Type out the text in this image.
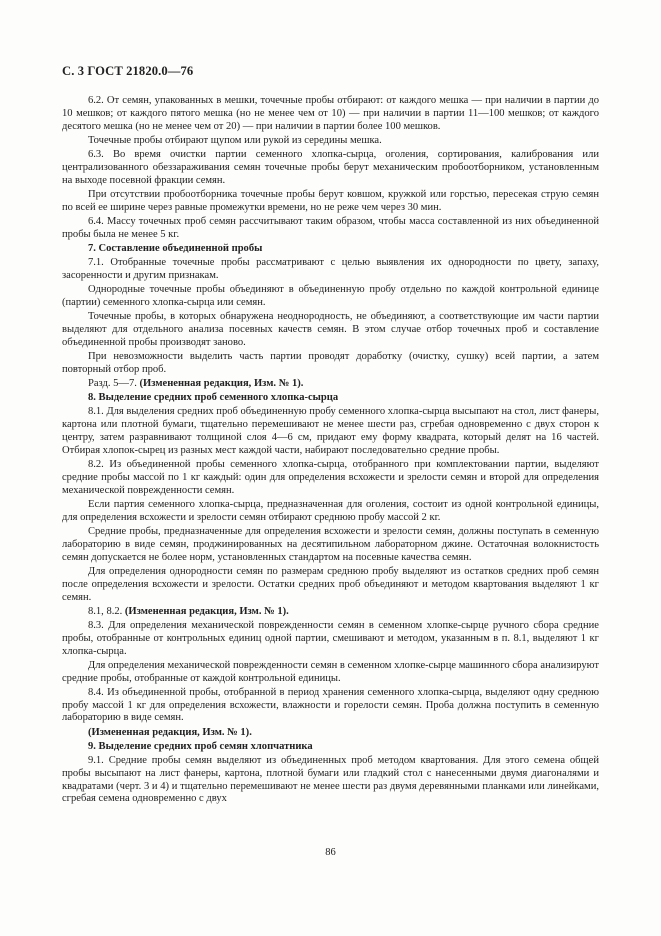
С. 3 ГОСТ 21820.0—76

6.2. От семян, упакованных в мешки, точечные пробы отбирают: от каждого мешка — при наличии в партии до 10 мешков; от каждого пятого мешка (но не менее чем от 10) — при наличии в партии 11—100 мешков; от каждого десятого мешка (но не менее чем от 20) — при наличии в партии более 100 мешков.

Точечные пробы отбирают щупом или рукой из середины мешка.

6.3. Во время очистки партии семенного хлопка-сырца, оголения, сортирования, калибрования или централизованного обеззараживания семян точечные пробы берут механическим пробоотборником, установленным на выходе посевной фракции семян.

При отсутствии пробоотборника точечные пробы берут ковшом, кружкой или горстью, пересекая струю семян по всей ее ширине через равные промежутки времени, но не реже чем через 30 мин.

6.4. Массу точечных проб семян рассчитывают таким образом, чтобы масса составленной из них объединенной пробы была не менее 5 кг.

7. Составление объединенной пробы

7.1. Отобранные точечные пробы рассматривают с целью выявления их однородности по цвету, запаху, засоренности и другим признакам.

Однородные точечные пробы объединяют в объединенную пробу отдельно по каждой контрольной единице (партии) семенного хлопка-сырца или семян.

Точечные пробы, в которых обнаружена неоднородность, не объединяют, а соответствующие им части партии выделяют для отдельного анализа посевных качеств семян. В этом случае отбор точечных проб и составление объединенной пробы производят заново.

При невозможности выделить часть партии проводят доработку (очистку, сушку) всей партии, а затем повторный отбор проб.

Разд. 5—7. (Измененная редакция, Изм. № 1).

8. Выделение средних проб семенного хлопка-сырца

8.1. Для выделения средних проб объединенную пробу семенного хлопка-сырца высыпают на стол, лист фанеры, картона или плотной бумаги, тщательно перемешивают не менее шести раз, сгребая одновременно с двух сторон к центру, затем разравнивают толщиной слоя 4—6 см, придают ему форму квадрата, который делят на 16 частей. Отбирая хлопок-сырец из разных мест каждой части, набирают последовательно средние пробы.

8.2. Из объединенной пробы семенного хлопка-сырца, отобранного при комплектовании партии, выделяют средние пробы массой по 1 кг каждый: один для определения всхожести и зрелости семян и второй для определения механической поврежденности семян.

Если партия семенного хлопка-сырца, предназначенная для оголения, состоит из одной контрольной единицы, для определения всхожести и зрелости семян отбирают среднюю пробу массой 2 кг.

Средние пробы, предназначенные для определения всхожести и зрелости семян, должны поступать в семенную лабораторию в виде семян, проджинированных на десятипильном лабораторном джине. Остаточная волокнистость семян допускается не более норм, установленных стандартом на посевные качества семян.

Для определения однородности семян по размерам среднюю пробу выделяют из остатков средних проб семян после определения всхожести и зрелости. Остатки средних проб объединяют и методом квартования выделяют 1 кг семян.

8.1, 8.2. (Измененная редакция, Изм. № 1).

8.3. Для определения механической поврежденности семян в семенном хлопке-сырце ручного сбора средние пробы, отобранные от контрольных единиц одной партии, смешивают и методом, указанным в п. 8.1, выделяют 1 кг хлопка-сырца.

Для определения механической поврежденности семян в семенном хлопке-сырце машинного сбора анализируют средние пробы, отобранные от каждой контрольной единицы.

8.4. Из объединенной пробы, отобранной в период хранения семенного хлопка-сырца, выделяют одну среднюю пробу массой 1 кг для определения всхожести, влажности и горелости семян. Проба должна поступить в семенную лабораторию в виде семян.

(Измененная редакция, Изм. № 1).

9. Выделение средних проб семян хлопчатника

9.1. Средние пробы семян выделяют из объединенных проб методом квартования. Для этого семена общей пробы высыпают на лист фанеры, картона, плотной бумаги или гладкий стол с нанесенными двумя диагоналями и квадратами (черт. 3 и 4) и тщательно перемешивают не менее шести раз двумя деревянными планками или линейками, сгребая семена одновременно с двух

86
